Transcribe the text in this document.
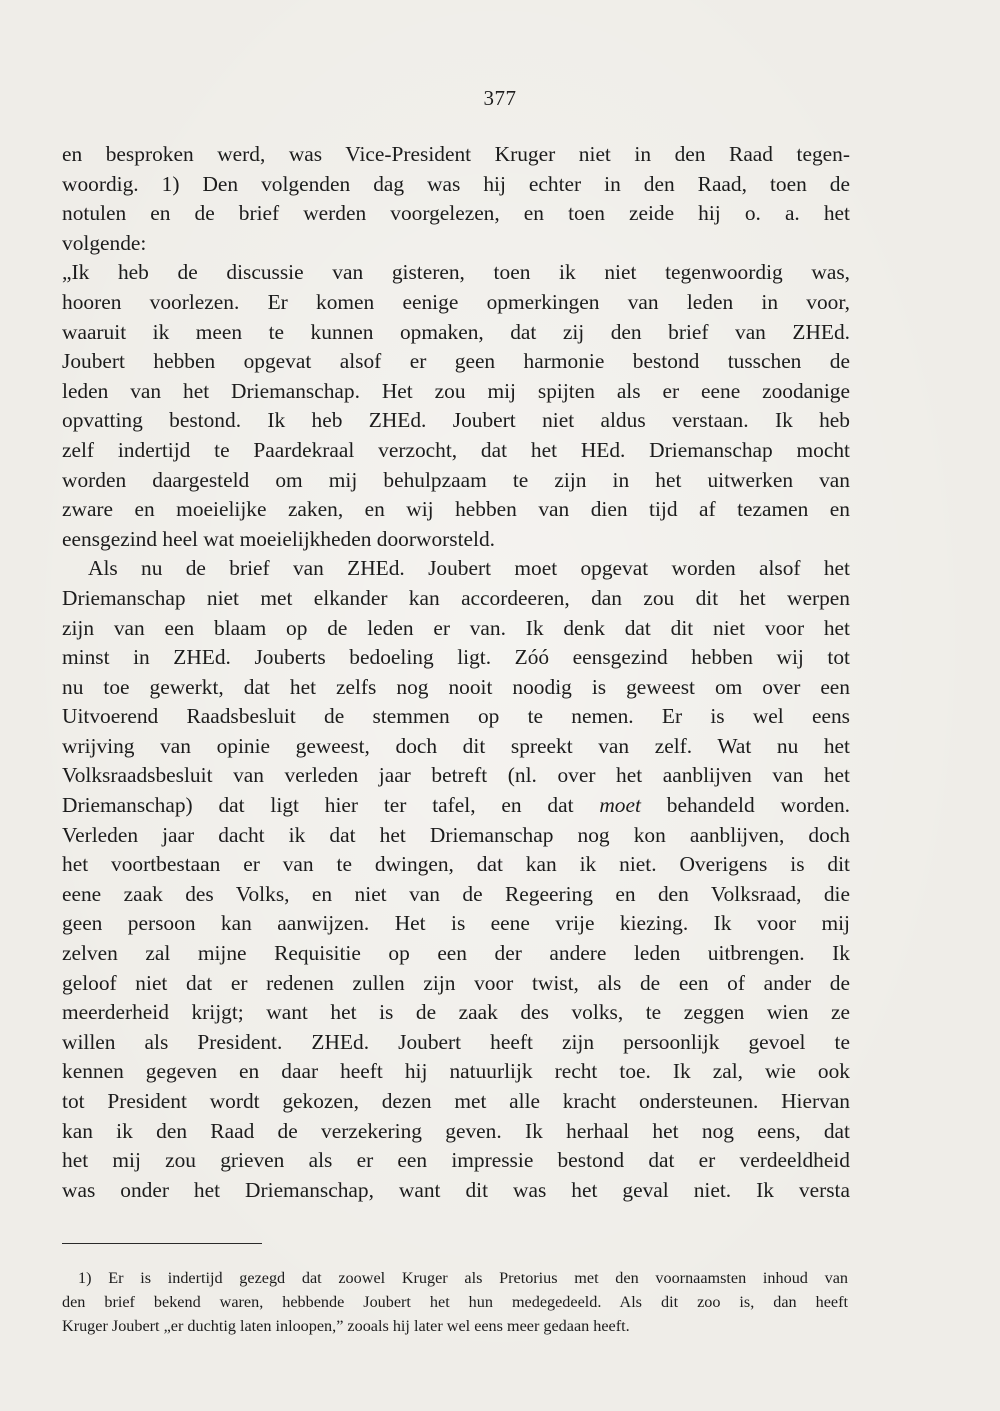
377
en besproken werd, was Vice-President Kruger niet in den Raad tegen-
woordig. 1) Den volgenden dag was hij echter in den Raad, toen de
notulen en de brief werden voorgelezen, en toen zeide hij o. a. het
volgende:
„Ik heb de discussie van gisteren, toen ik niet tegenwoordig was,
hooren voorlezen. Er komen eenige opmerkingen van leden in voor,
waaruit ik meen te kunnen opmaken, dat zij den brief van ZHEd.
Joubert hebben opgevat alsof er geen harmonie bestond tusschen de
leden van het Driemanschap. Het zou mij spijten als er eene zoodanige
opvatting bestond. Ik heb ZHEd. Joubert niet aldus verstaan. Ik heb
zelf indertijd te Paardekraal verzocht, dat het HEd. Driemanschap mocht
worden daargesteld om mij behulpzaam te zijn in het uitwerken van
zware en moeielijke zaken, en wij hebben van dien tijd af tezamen en
eensgezind heel wat moeielijkheden doorworsteld.
Als nu de brief van ZHEd. Joubert moet opgevat worden alsof het
Driemanschap niet met elkander kan accordeeren, dan zou dit het werpen
zijn van een blaam op de leden er van. Ik denk dat dit niet voor het
minst in ZHEd. Jouberts bedoeling ligt. Zóó eensgezind hebben wij tot
nu toe gewerkt, dat het zelfs nog nooit noodig is geweest om over een
Uitvoerend Raadsbesluit de stemmen op te nemen. Er is wel eens
wrijving van opinie geweest, doch dit spreekt van zelf. Wat nu het
Volksraadsbesluit van verleden jaar betreft (nl. over het aanblijven van het
Driemanschap) dat ligt hier ter tafel, en dat moet behandeld worden.
Verleden jaar dacht ik dat het Driemanschap nog kon aanblijven, doch
het voortbestaan er van te dwingen, dat kan ik niet. Overigens is dit
eene zaak des Volks, en niet van de Regeering en den Volksraad, die
geen persoon kan aanwijzen. Het is eene vrije kiezing. Ik voor mij
zelven zal mijne Requisitie op een der andere leden uitbrengen. Ik
geloof niet dat er redenen zullen zijn voor twist, als de een of ander de
meerderheid krijgt; want het is de zaak des volks, te zeggen wien ze
willen als President. ZHEd. Joubert heeft zijn persoonlijk gevoel te
kennen gegeven en daar heeft hij natuurlijk recht toe. Ik zal, wie ook
tot President wordt gekozen, dezen met alle kracht ondersteunen. Hiervan
kan ik den Raad de verzekering geven. Ik herhaal het nog eens, dat
het mij zou grieven als er een impressie bestond dat er verdeeldheid
was onder het Driemanschap, want dit was het geval niet. Ik versta
1) Er is indertijd gezegd dat zoowel Kruger als Pretorius met den voornaamsten inhoud van
den brief bekend waren, hebbende Joubert het hun medegedeeld. Als dit zoo is, dan heeft
Kruger Joubert „er duchtig laten inloopen,” zooals hij later wel eens meer gedaan heeft.
